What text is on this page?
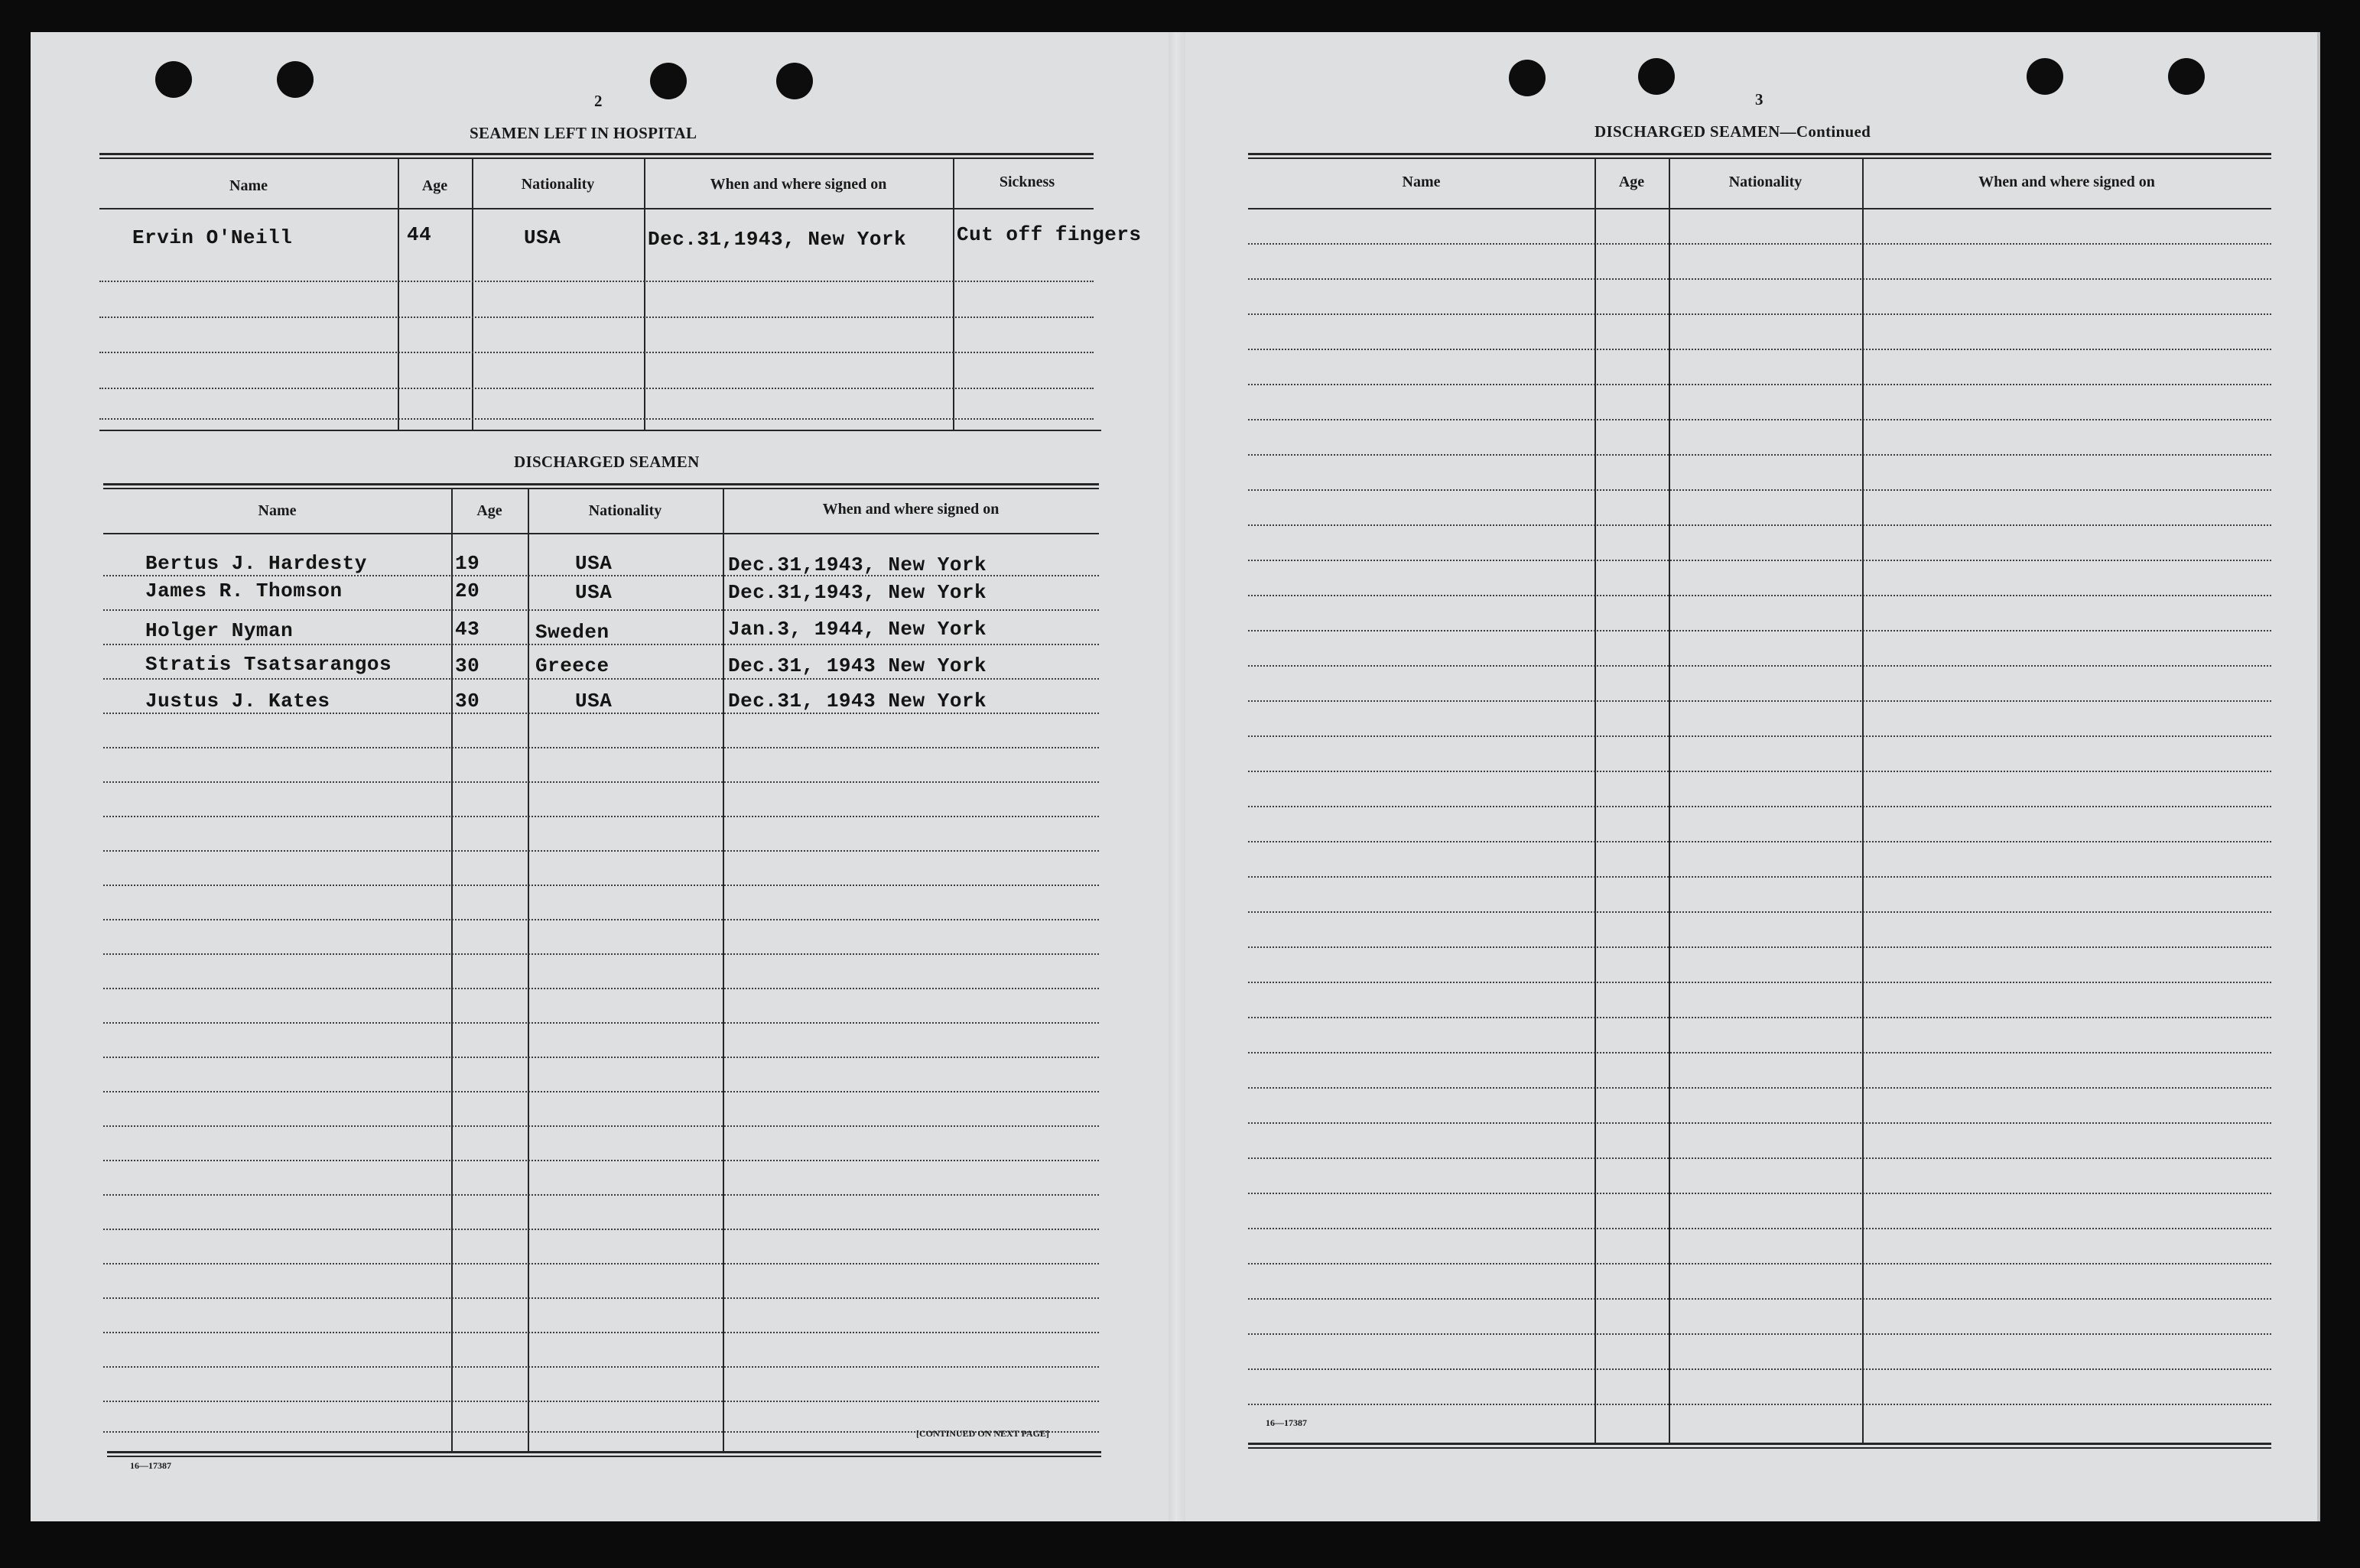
2
SEAMEN LEFT IN HOSPITAL
Name	Age	Nationality	When and where signed on	Sickness
Ervin O'Neill	44	USA	Dec.31,1943, New York	Cut off fingers
DISCHARGED SEAMEN
Name	Age	Nationality	When and where signed on
Bertus J. Hardesty	19	USA	Dec.31,1943, New York
James R. Thomson	20	USA	Dec.31,1943, New York
Holger Nyman	43	Sweden	Jan.3, 1944, New York
Stratis Tsatsarangos	30	Greece	Dec.31, 1943 New York
Justus J. Kates	30	USA	Dec.31, 1943 New York
16—17387
[CONTINUED ON NEXT PAGE]
3
DISCHARGED SEAMEN—Continued
Name	Age	Nationality	When and where signed on
16—17387
